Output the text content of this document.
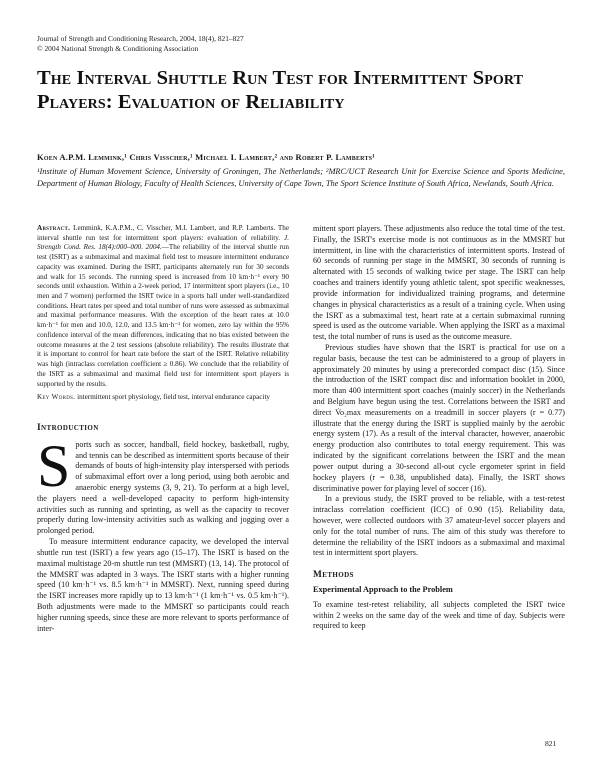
Journal of Strength and Conditioning Research, 2004, 18(4), 821–827
© 2004 National Strength & Conditioning Association
The Interval Shuttle Run Test for Intermittent Sport Players: Evaluation of Reliability
Koen A.P.M. Lemmink,¹ Chris Visscher,¹ Michael I. Lambert,² and Robert P. Lamberts¹
¹Institute of Human Movement Science, University of Groningen, The Netherlands; ²MRC/UCT Research Unit for Exercise Science and Sports Medicine, Department of Human Biology, Faculty of Health Sciences, University of Cape Town, The Sport Science Institute of South Africa, Newlands, South Africa.

Abstract. Lemmink, K.A.P.M., C. Visscher, M.I. Lambert, and R.P. Lamberts. The interval shuttle run test for intermittent sport players: evaluation of reliability. J. Strength Cond. Res. 18(4):000–000. 2004.—The reliability of the interval shuttle run test (ISRT) as a submaximal and maximal field test to measure intermittent endurance capacity was examined. During the ISRT, participants alternately run for 30 seconds and walk for 15 seconds. The running speed is increased from 10 km·h⁻¹ every 90 seconds until exhaustion. Within a 2-week period, 17 intermittent sport players (i.e., 10 men and 7 women) performed the ISRT twice in a sports hall under well-standardized conditions. Heart rates per speed and total number of runs were assessed as submaximal and maximal performance measures. With the exception of the heart rates at 10.0 km·h⁻¹ for men and 10.0, 12.0, and 13.5 km·h⁻¹ for women, zero lay within the 95% confidence interval of the mean differences, indicating that no bias existed between the outcome measures at the 2 test sessions (absolute reliability). The results illustrate that it is important to control for heart rate before the start of the ISRT. Relative reliability was high (intraclass correlation coefficient ≥ 0.86). We conclude that the reliability of the ISRT as a submaximal and maximal field test for intermittent sport players is supported by the results.

Key Words. intermittent sport physiology, field test, interval endurance capacity

Introduction

Sports such as soccer, handball, field hockey, basketball, rugby, and tennis can be described as intermittent sports because of their demands of bouts of high-intensity play interspersed with periods of submaximal effort over a long period, using both aerobic and anaerobic energy systems (3, 9, 21). To perform at a high level, the players need a well-developed capacity to perform high-intensity activities such as running and sprinting, as well as the capacity to recover properly during low-intensity activities such as walking and jogging over a prolonged period.

To measure intermittent endurance capacity, we developed the interval shuttle run test (ISRT) a few years ago (15–17). The ISRT is based on the maximal multistage 20-m shuttle run test (MMSRT) (13, 14). The protocol of the MMSRT was adapted in 3 ways. The ISRT starts with a higher running speed (10 km·h⁻¹ vs. 8.5 km·h⁻¹ in MMSRT). Next, running speed during the ISRT increases more rapidly up to 13 km·h⁻¹ (1 km·h⁻¹ vs. 0.5 km·h⁻¹). Both adjustments were made to the MMSRT so participants could reach higher running speeds, since these are more relevant to sports performance of inter-

mittent sport players. These adjustments also reduce the total time of the test. Finally, the ISRT's exercise mode is not continuous as in the MMSRT but intermittent, in line with the characteristics of intermittent sports. Instead of 60 seconds of running per stage in the MMSRT, 30 seconds of running is alternated with 15 seconds of walking twice per stage. The ISRT can help coaches and trainers identify young athletic talent, spot specific weaknesses, provide information for individualized training programs, and determine changes in physical characteristics as a result of a training cycle. When using the ISRT as a submaximal test, heart rate at a certain submaximal running speed is used as the outcome variable. When applying the ISRT as a maximal test, the total number of runs is used as the outcome measure.

Previous studies have shown that the ISRT is practical for use on a regular basis, because the test can be administered to a group of players in approximately 20 minutes by using a prerecorded compact disc (15). Since the introduction of the ISRT compact disc and information booklet in 2000, more than 400 intermittent sport coaches (mainly soccer) in the Netherlands and Belgium have begun using the test. Correlations between the ISRT and direct V̇o₂max measurements on a treadmill in soccer players (r = 0.77) illustrate that the energy during the ISRT is supplied mainly by the aerobic energy system (17). As a result of the interval character, however, anaerobic energy production also contributes to total energy requirement. This was indicated by the significant correlations between the ISRT and the mean power output during a 30-second all-out cycle ergometer sprint in field hockey players (r = 0.38, unpublished data). Finally, the ISRT shows discriminative power for playing level of soccer (16).

In a previous study, the ISRT proved to be reliable, with a test-retest intraclass correlation coefficient (ICC) of 0.90 (15). Reliability data, however, were collected outdoors with 37 amateur-level soccer players and only for the total number of runs. The aim of this study was therefore to determine the reliability of the ISRT indoors as a submaximal and maximal test in intermittent sport players.

Methods
Experimental Approach to the Problem

To examine test-retest reliability, all subjects completed the ISRT twice within 2 weeks on the same day of the week and time of day. Subjects were required to keep

821
